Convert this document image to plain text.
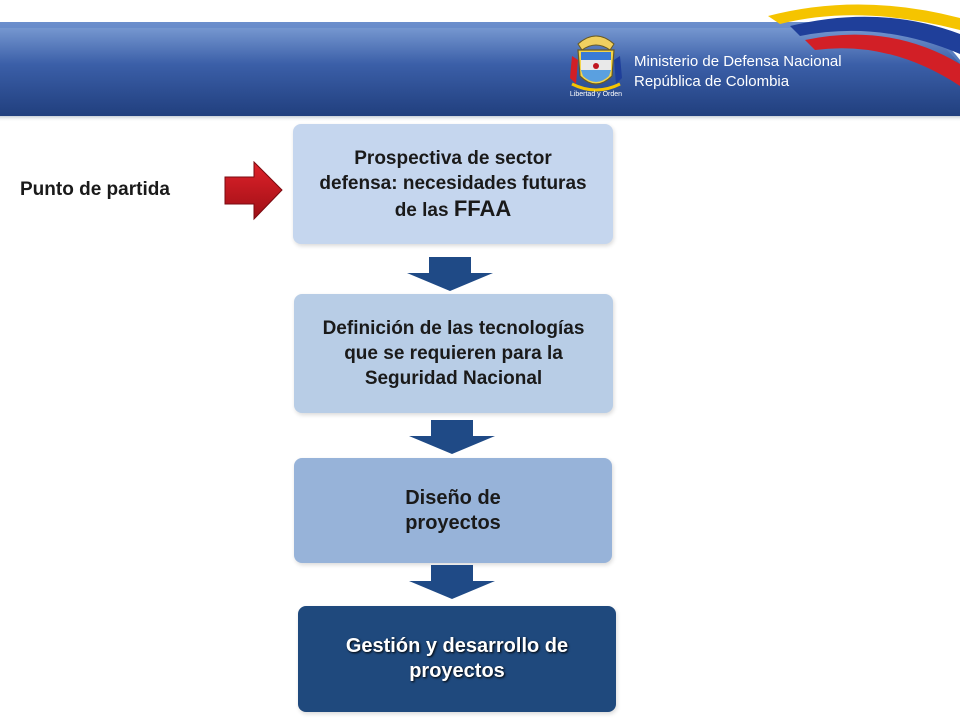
Ministerio de Defensa Nacional
República de Colombia
Libertad y Orden
Punto de partida
Prospectiva de sector defensa: necesidades futuras de las FFAA
Definición de las tecnologías que se requieren para la Seguridad Nacional
Diseño de proyectos
Gestión y desarrollo de proyectos
